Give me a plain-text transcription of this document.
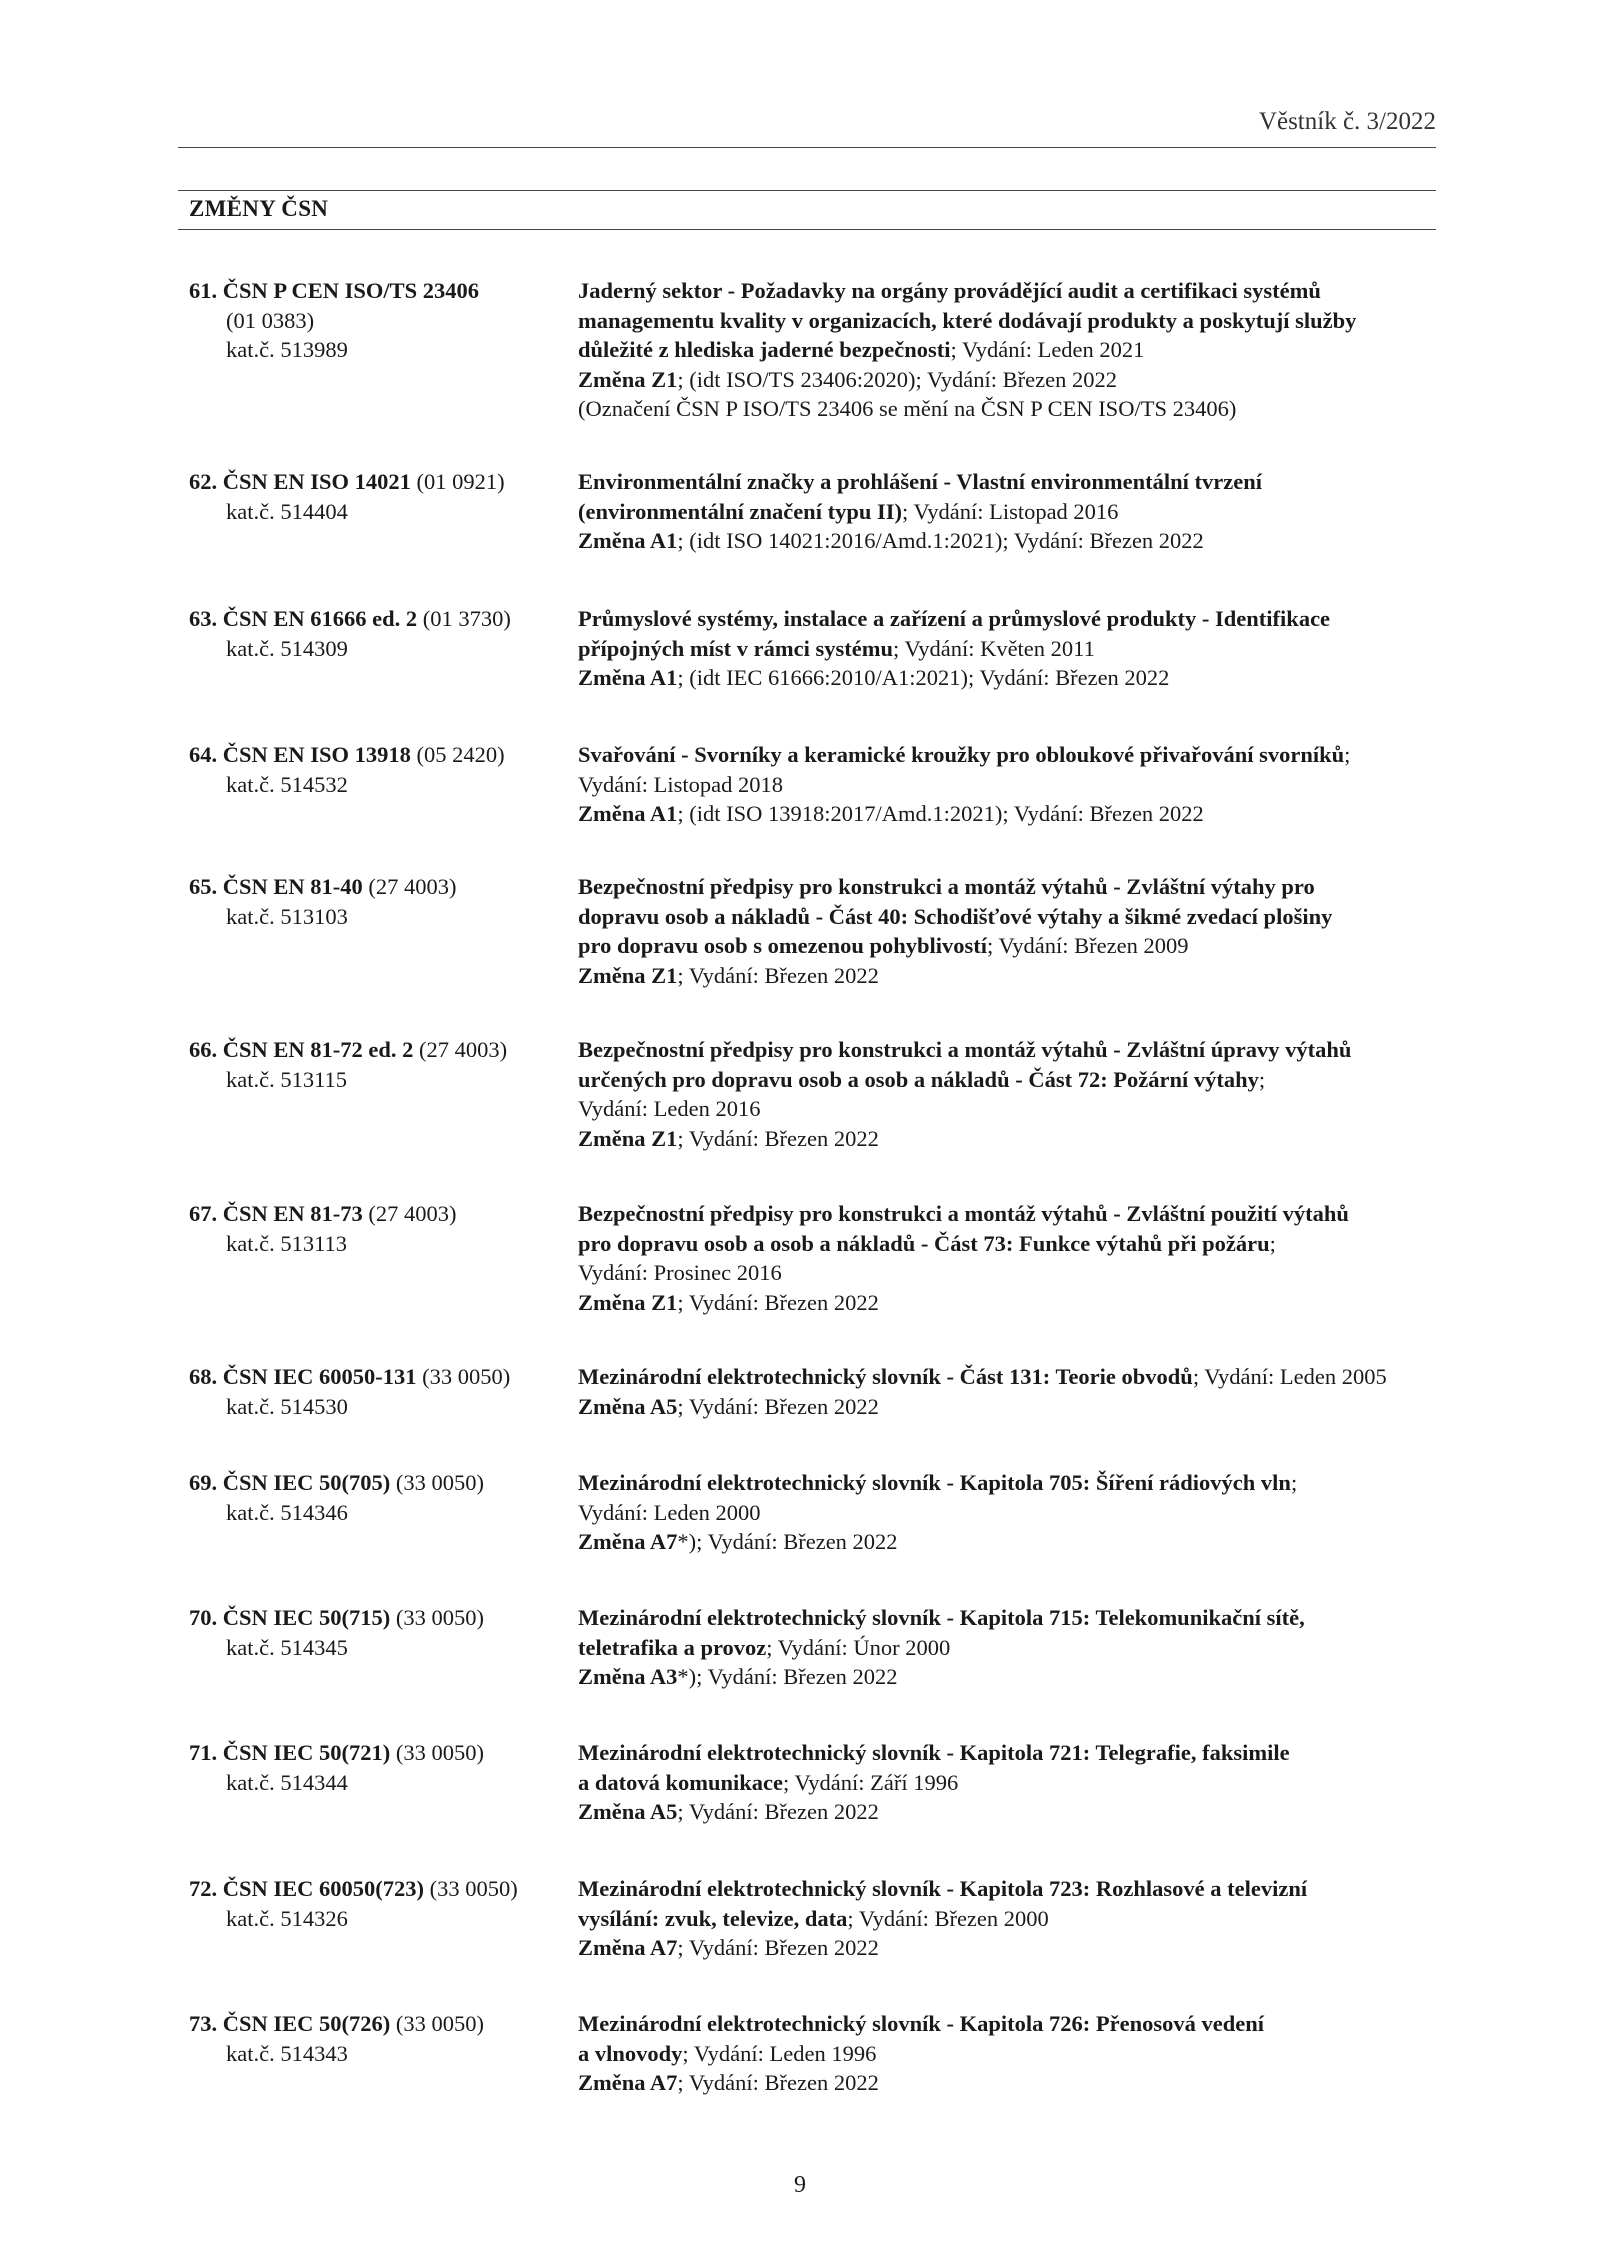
Věstník č. 3/2022
ZMĚNY ČSN
61. ČSN P CEN ISO/TS 23406
(01 0383)
kat.č. 513989
Jaderný sektor - Požadavky na orgány provádějící audit a certifikaci systémů
managementu kvality v organizacích, které dodávají produkty a poskytují služby
důležité z hlediska jaderné bezpečnosti; Vydání: Leden 2021
Změna Z1; (idt ISO/TS 23406:2020); Vydání: Březen 2022
(Označení ČSN P ISO/TS 23406 se mění na ČSN P CEN ISO/TS 23406)
62. ČSN EN ISO 14021 (01 0921)
kat.č. 514404
Environmentální značky a prohlášení - Vlastní environmentální tvrzení
(environmentální značení typu II); Vydání: Listopad 2016
Změna A1; (idt ISO 14021:2016/Amd.1:2021); Vydání: Březen 2022
63. ČSN EN 61666 ed. 2 (01 3730)
kat.č. 514309
Průmyslové systémy, instalace a zařízení a průmyslové produkty - Identifikace
přípojných míst v rámci systému; Vydání: Květen 2011
Změna A1; (idt IEC 61666:2010/A1:2021); Vydání: Březen 2022
64. ČSN EN ISO 13918 (05 2420)
kat.č. 514532
Svařování - Svorníky a keramické kroužky pro obloukové přivařování svorníků;
Vydání: Listopad 2018
Změna A1; (idt ISO 13918:2017/Amd.1:2021); Vydání: Březen 2022
65. ČSN EN 81-40 (27 4003)
kat.č. 513103
Bezpečnostní předpisy pro konstrukci a montáž výtahů - Zvláštní výtahy pro
dopravu osob a nákladů - Část 40: Schodišťové výtahy a šikmé zvedací plošiny
pro dopravu osob s omezenou pohyblivostí; Vydání: Březen 2009
Změna Z1; Vydání: Březen 2022
66. ČSN EN 81-72 ed. 2 (27 4003)
kat.č. 513115
Bezpečnostní předpisy pro konstrukci a montáž výtahů - Zvláštní úpravy výtahů
určených pro dopravu osob a osob a nákladů - Část 72: Požární výtahy;
Vydání: Leden 2016
Změna Z1; Vydání: Březen 2022
67. ČSN EN 81-73 (27 4003)
kat.č. 513113
Bezpečnostní předpisy pro konstrukci a montáž výtahů - Zvláštní použití výtahů
pro dopravu osob a osob a nákladů - Část 73: Funkce výtahů při požáru;
Vydání: Prosinec 2016
Změna Z1; Vydání: Březen 2022
68. ČSN IEC 60050-131 (33 0050)
kat.č. 514530
Mezinárodní elektrotechnický slovník - Část 131: Teorie obvodů; Vydání: Leden 2005
Změna A5; Vydání: Březen 2022
69. ČSN IEC 50(705) (33 0050)
kat.č. 514346
Mezinárodní elektrotechnický slovník - Kapitola 705: Šíření rádiových vln;
Vydání: Leden 2000
Změna A7*); Vydání: Březen 2022
70. ČSN IEC 50(715) (33 0050)
kat.č. 514345
Mezinárodní elektrotechnický slovník - Kapitola 715: Telekomunikační sítě,
teletrafika a provoz; Vydání: Únor 2000
Změna A3*); Vydání: Březen 2022
71. ČSN IEC 50(721) (33 0050)
kat.č. 514344
Mezinárodní elektrotechnický slovník - Kapitola 721: Telegrafie, faksimile
a datová komunikace; Vydání: Září 1996
Změna A5; Vydání: Březen 2022
72. ČSN IEC 60050(723) (33 0050)
kat.č. 514326
Mezinárodní elektrotechnický slovník - Kapitola 723: Rozhlasové a televizní
vysílání: zvuk, televize, data; Vydání: Březen 2000
Změna A7; Vydání: Březen 2022
73. ČSN IEC 50(726) (33 0050)
kat.č. 514343
Mezinárodní elektrotechnický slovník - Kapitola 726: Přenosová vedení
a vlnovody; Vydání: Leden 1996
Změna A7; Vydání: Březen 2022
9
